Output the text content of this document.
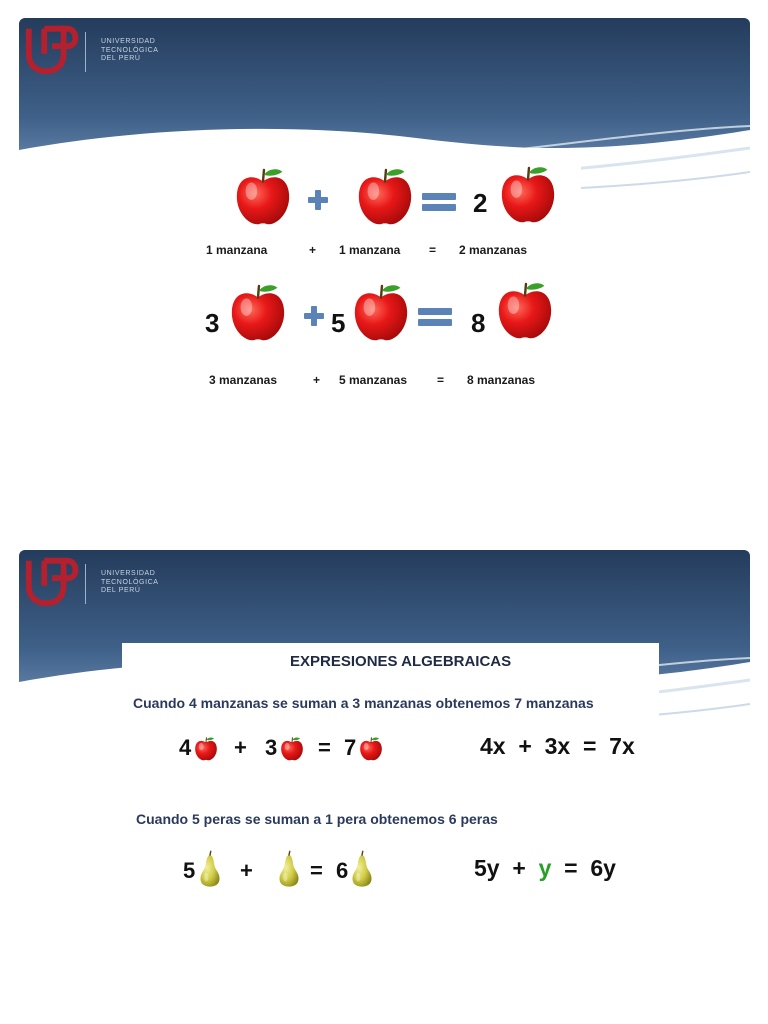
UNIVERSIDAD
TECNOLÓGICA
DEL PERÚ
2
1 manzana	+ 1 manzana = 2 manzanas
3	5	8
3 manzanas	+ 5 manzanas = 8 manzanas
UNIVERSIDAD
TECNOLÓGICA
DEL PERÚ
EXPRESIONES ALGEBRAICAS
Cuando 4 manzanas se suman a 3 manzanas obtenemos 7 manzanas
4 + 3 = 7	4x  +  3x  =  7x
Cuando 5 peras se suman a 1 pera obtenemos 6 peras
5 +	= 6	5y + y = 6y
